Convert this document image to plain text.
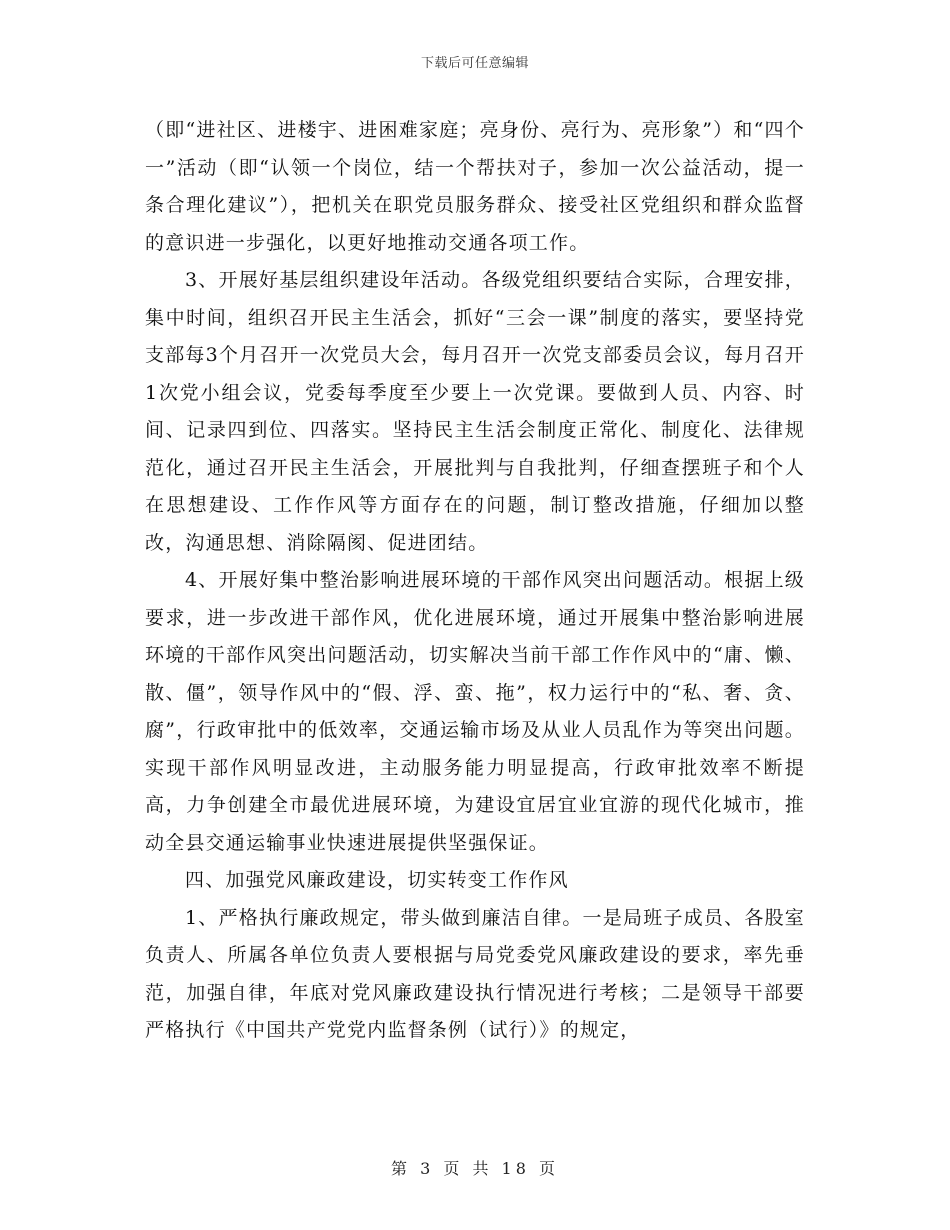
下载后可任意编辑

（即“进社区、进楼宇、进困难家庭；亮身份、亮行为、亮形象”）和“四个一”活动（即“认领一个岗位，结一个帮扶对子，参加一次公益活动，提一条合理化建议”），把机关在职党员服务群众、接受社区党组织和群众监督的意识进一步强化，以更好地推动交通各项工作。

3、开展好基层组织建设年活动。各级党组织要结合实际，合理安排，集中时间，组织召开民主生活会，抓好“三会一课”制度的落实，要坚持党支部每3个月召开一次党员大会，每月召开一次党支部委员会议，每月召开1次党小组会议，党委每季度至少要上一次党课。要做到人员、内容、时间、记录四到位、四落实。坚持民主生活会制度正常化、制度化、法律规范化，通过召开民主生活会，开展批判与自我批判，仔细查摆班子和个人在思想建设、工作作风等方面存在的问题，制订整改措施，仔细加以整改，沟通思想、消除隔阂、促进团结。

4、开展好集中整治影响进展环境的干部作风突出问题活动。根据上级要求，进一步改进干部作风，优化进展环境，通过开展集中整治影响进展环境的干部作风突出问题活动，切实解决当前干部工作作风中的“庸、懒、散、僵”，领导作风中的“假、浮、蛮、拖”，权力运行中的“私、奢、贪、腐”，行政审批中的低效率，交通运输市场及从业人员乱作为等突出问题。实现干部作风明显改进，主动服务能力明显提高，行政审批效率不断提高，力争创建全市最优进展环境，为建设宜居宜业宜游的现代化城市，推动全县交通运输事业快速进展提供坚强保证。

四、加强党风廉政建设，切实转变工作作风

1、严格执行廉政规定，带头做到廉洁自律。一是局班子成员、各股室负责人、所属各单位负责人要根据与局党委党风廉政建设的要求，率先垂范，加强自律，年底对党风廉政建设执行情况进行考核；二是领导干部要严格执行《中国共产党党内监督条例（试行）》的规定，

第 3 页 共 18 页
